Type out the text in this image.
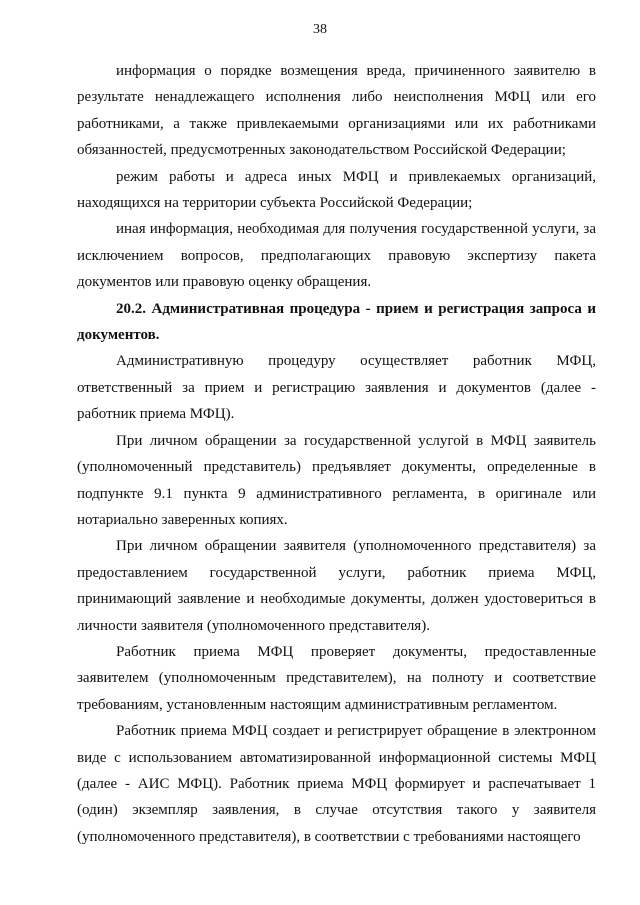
38

информация о порядке возмещения вреда, причиненного заявителю в результате ненадлежащего исполнения либо неисполнения МФЦ или его работниками, а также привлекаемыми организациями или их работниками обязанностей, предусмотренных законодательством Российской Федерации;

режим работы и адреса иных МФЦ и привлекаемых организаций, находящихся на территории субъекта Российской Федерации;

иная информация, необходимая для получения государственной услуги, за исключением вопросов, предполагающих правовую экспертизу пакета документов или правовую оценку обращения.

20.2. Административная процедура - прием и регистрация запроса и документов.

Административную процедуру осуществляет работник МФЦ, ответственный за прием и регистрацию заявления и документов (далее - работник приема МФЦ).

При личном обращении за государственной услугой в МФЦ заявитель (уполномоченный представитель) предъявляет документы, определенные в подпункте 9.1 пункта 9 административного регламента, в оригинале или нотариально заверенных копиях.

При личном обращении заявителя (уполномоченного представителя) за предоставлением государственной услуги, работник приема МФЦ, принимающий заявление и необходимые документы, должен удостовериться в личности заявителя (уполномоченного представителя).

Работник приема МФЦ проверяет документы, предоставленные заявителем (уполномоченным представителем), на полноту и соответствие требованиям, установленным настоящим административным регламентом.

Работник приема МФЦ создает и регистрирует обращение в электронном виде с использованием автоматизированной информационной системы МФЦ (далее - АИС МФЦ). Работник приема МФЦ формирует и распечатывает 1 (один) экземпляр заявления, в случае отсутствия такого у заявителя (уполномоченного представителя), в соответствии с требованиями настоящего
